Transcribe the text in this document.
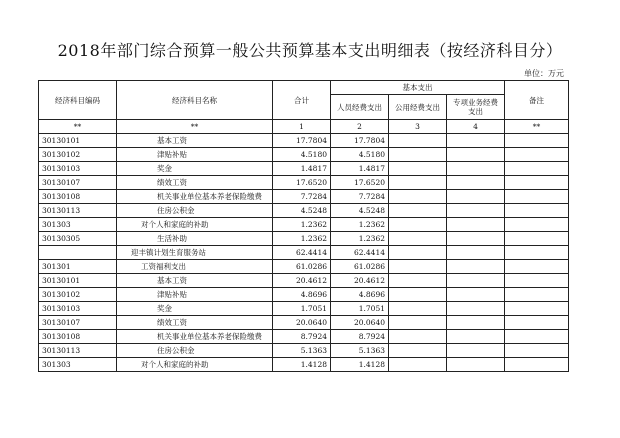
2018年部门综合预算一般公共预算基本支出明细表（按经济科目分）
单位：万元
经济科目编码	经济科目名称	合计	基本支出			备注
			人员经费支出	公用经费支出	专项业务经费支出	
**	**	1	2	3	4	**
30130101	基本工资	17.7804	17.7804			
30130102	津贴补贴	4.5180	4.5180			
30130103	奖金	1.4817	1.4817			
30130107	绩效工资	17.6520	17.6520			
30130108	机关事业单位基本养老保险缴费	7.7284	7.7284			
30130113	住房公积金	4.5248	4.5248			
301303	对个人和家庭的补助	1.2362	1.2362			
30130305	生活补助	1.2362	1.2362			
	迎丰镇计划生育服务站	62.4414	62.4414			
301301	工资福利支出	61.0286	61.0286			
30130101	基本工资	20.4612	20.4612			
30130102	津贴补贴	4.8696	4.8696			
30130103	奖金	1.7051	1.7051			
30130107	绩效工资	20.0640	20.0640			
30130108	机关事业单位基本养老保险缴费	8.7924	8.7924			
30130113	住房公积金	5.1363	5.1363			
301303	对个人和家庭的补助	1.4128	1.4128			
